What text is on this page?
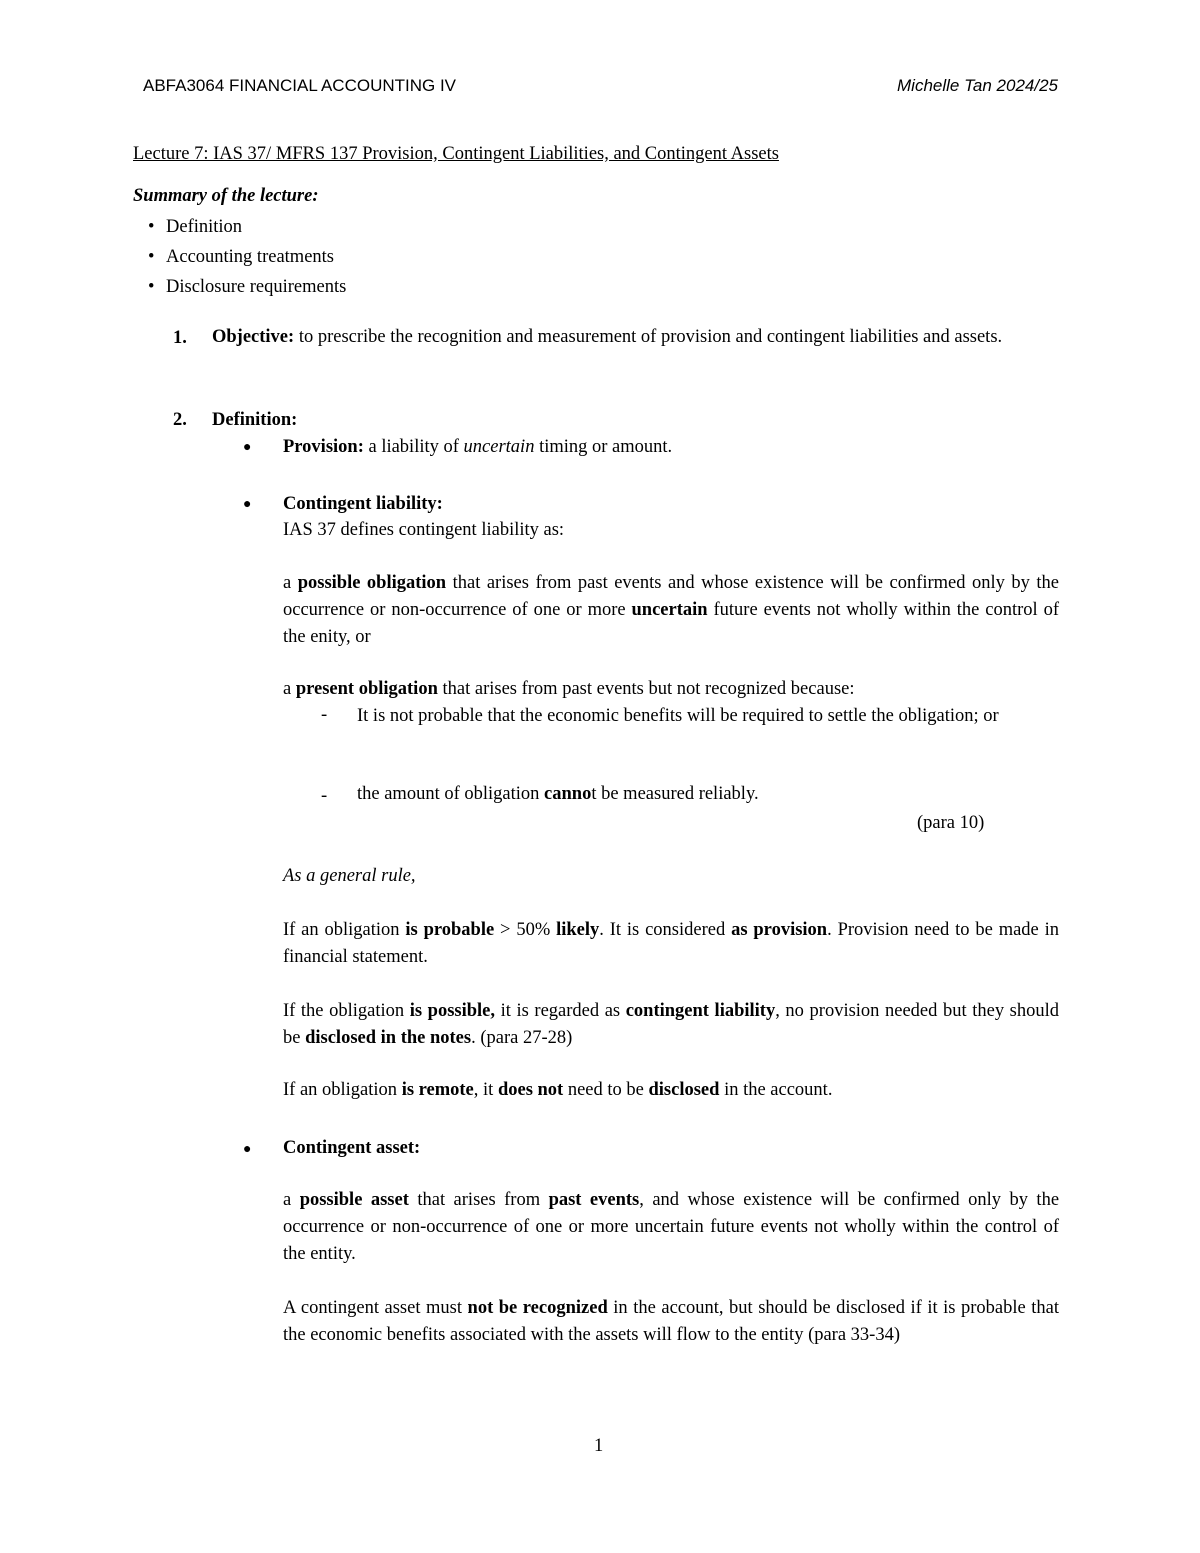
ABFA3064 FINANCIAL ACCOUNTING IV	Michelle Tan 2024/25
Lecture 7: IAS 37/ MFRS 137 Provision, Contingent Liabilities, and Contingent Assets
Summary of the lecture:
• Definition
• Accounting treatments
• Disclosure requirements
1. Objective: to prescribe the recognition and measurement of provision and contingent liabilities and assets.
2. Definition:
● Provision: a liability of uncertain timing or amount.
● Contingent liability:
IAS 37 defines contingent liability as:
a possible obligation that arises from past events and whose existence will be confirmed only by the occurrence or non-occurrence of one or more uncertain future events not wholly within the control of the enity, or
a present obligation that arises from past events but not recognized because:
- It is not probable that the economic benefits will be required to settle the obligation; or
- the amount of obligation cannot be measured reliably.
(para 10)
As a general rule,
If an obligation is probable > 50% likely. It is considered as provision. Provision need to be made in financial statement.
If the obligation is possible, it is regarded as contingent liability, no provision needed but they should be disclosed in the notes. (para 27-28)
If an obligation is remote, it does not need to be disclosed in the account.
● Contingent asset:
a possible asset that arises from past events, and whose existence will be confirmed only by the occurrence or non-occurrence of one or more uncertain future events not wholly within the control of the entity.
A contingent asset must not be recognized in the account, but should be disclosed if it is probable that the economic benefits associated with the assets will flow to the entity (para 33-34)
1
